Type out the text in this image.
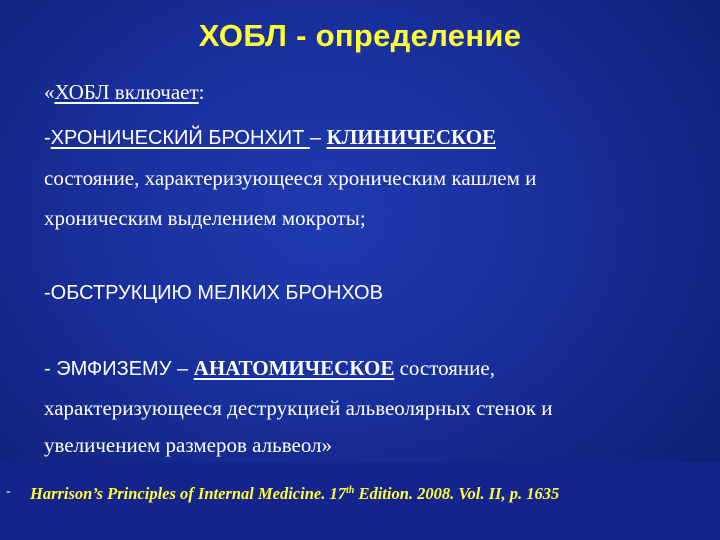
ХОБЛ - определение
«ХОБЛ включает:
-ХРОНИЧЕСКИЙ БРОНХИТ – КЛИНИЧЕСКОЕ
состояние, характеризующееся хроническим кашлем и
хроническим выделением мокроты;
-ОБСТРУКЦИЮ МЕЛКИХ БРОНХОВ
- ЭМФИЗЕМУ – АНАТОМИЧЕСКОЕ состояние,
характеризующееся деструкцией альвеолярных стенок и
увеличением размеров альвеол»
- Harrison’s Principles of Internal Medicine. 17th Edition. 2008. Vol. II, p. 1635
